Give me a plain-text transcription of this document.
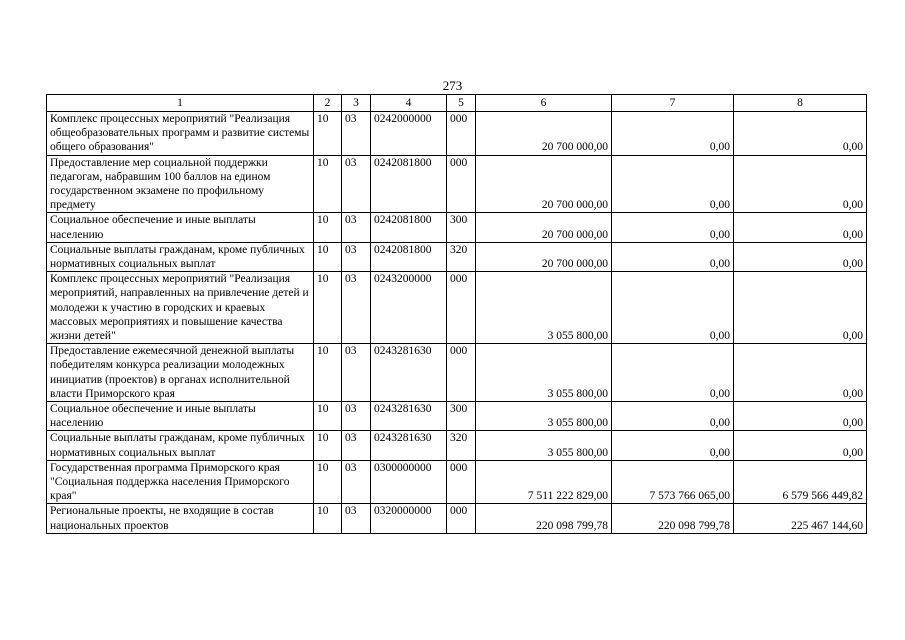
273
1	2	3	4	5	6	7	8
Комплекс процессных мероприятий "Реализация общеобразовательных программ и развитие системы общего образования"	10	03	0242000000	000	20 700 000,00	0,00	0,00
Предоставление мер социальной поддержки педагогам, набравшим 100 баллов на едином государственном экзамене по профильному предмету	10	03	0242081800	000	20 700 000,00	0,00	0,00
Социальное обеспечение и иные выплаты населению	10	03	0242081800	300	20 700 000,00	0,00	0,00
Социальные выплаты гражданам, кроме публичных нормативных социальных выплат	10	03	0242081800	320	20 700 000,00	0,00	0,00
Комплекс процессных мероприятий "Реализация мероприятий, направленных на привлечение детей и молодежи к участию в городских и краевых массовых мероприятиях и повышение качества жизни детей"	10	03	0243200000	000	3 055 800,00	0,00	0,00
Предоставление ежемесячной денежной выплаты победителям конкурса реализации молодежных инициатив (проектов) в органах исполнительной власти Приморского края	10	03	0243281630	000	3 055 800,00	0,00	0,00
Социальное обеспечение и иные выплаты населению	10	03	0243281630	300	3 055 800,00	0,00	0,00
Социальные выплаты гражданам, кроме публичных нормативных социальных выплат	10	03	0243281630	320	3 055 800,00	0,00	0,00
Государственная программа Приморского края "Социальная поддержка населения Приморского края"	10	03	0300000000	000	7 511 222 829,00	7 573 766 065,00	6 579 566 449,82
Региональные проекты, не входящие в состав национальных проектов	10	03	0320000000	000	220 098 799,78	220 098 799,78	225 467 144,60
